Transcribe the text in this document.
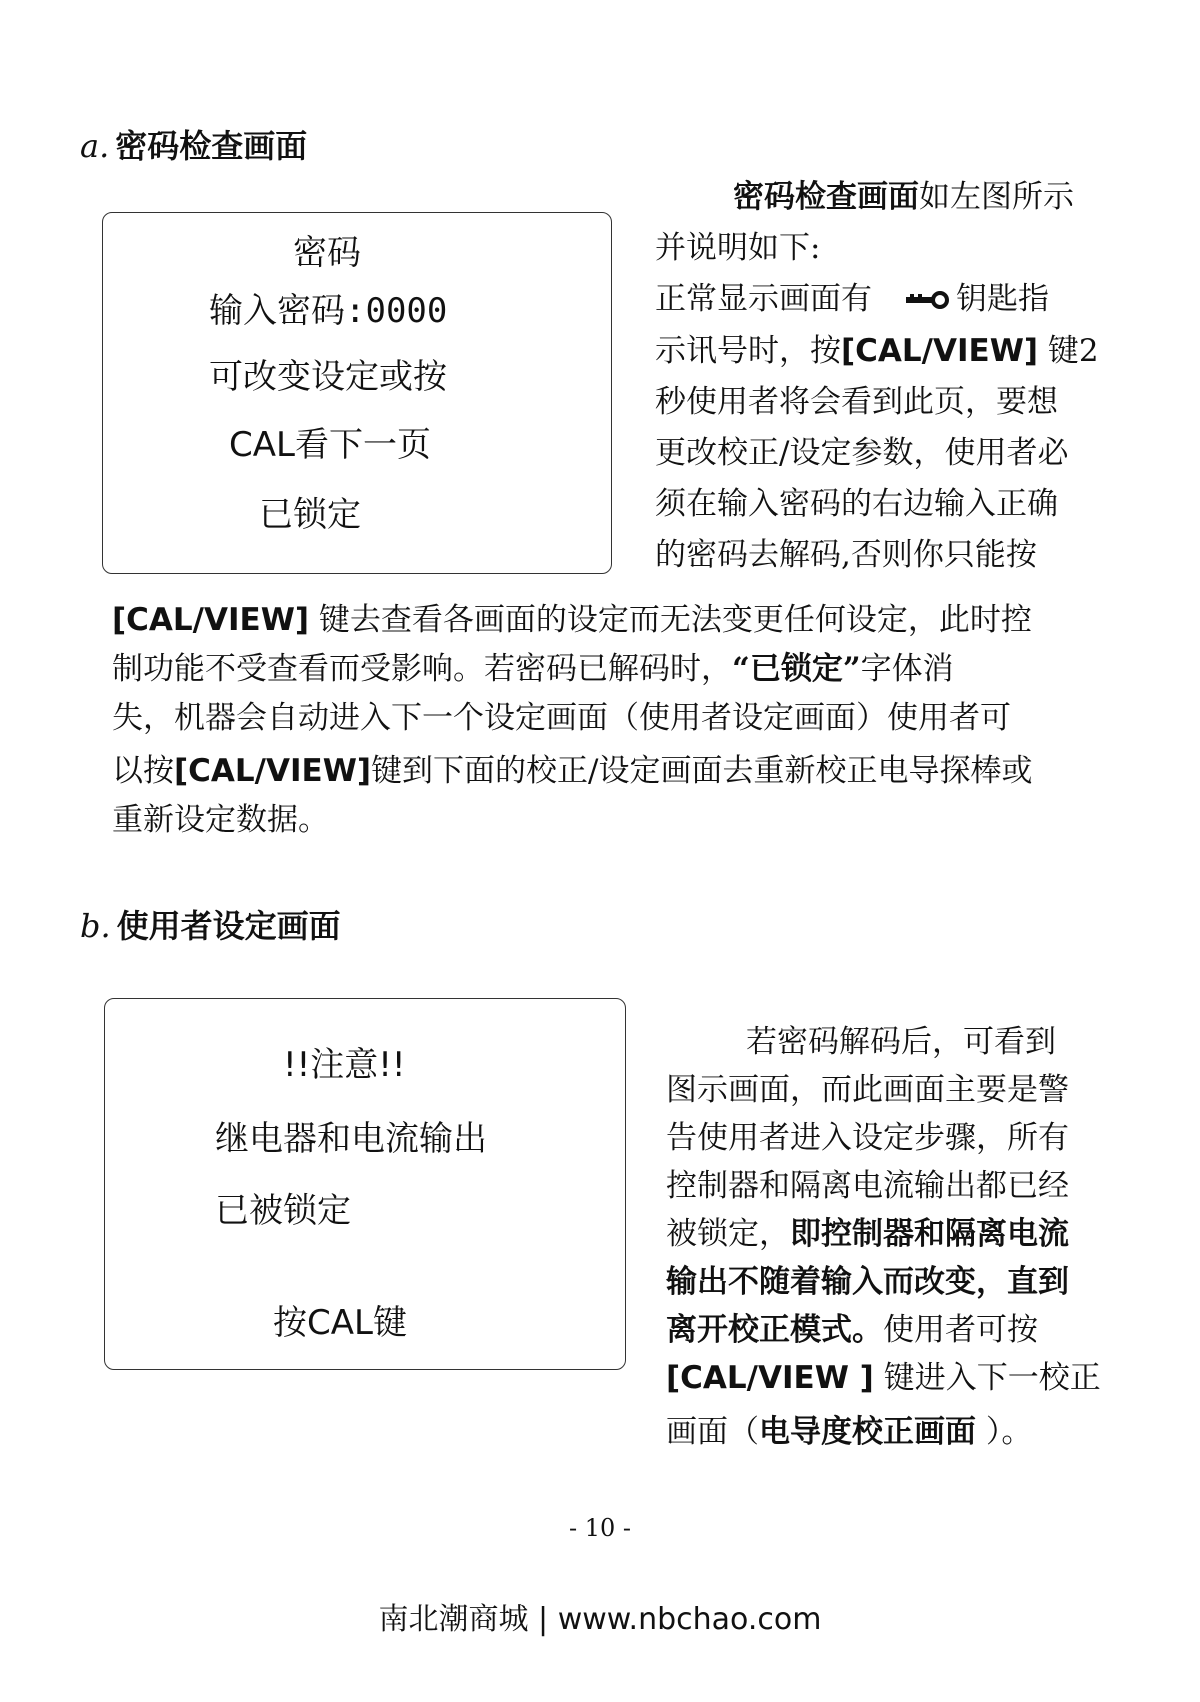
a. 密码检查画面
密码
输入密码:0000
可改变设定或按
CAL看下一页
已锁定
密码检查画面如左图所示
并说明如下:
正常显示画面有	钥匙指
示讯号时，按[CAL/VIEW] 键2
秒使用者将会看到此页，要想
更改校正/设定参数，使用者必
须在输入密码的右边输入正确
的密码去解码,否则你只能按
[CAL/VIEW] 键去查看各画面的设定而无法变更任何设定，此时控
制功能不受查看而受影响。若密码已解码时，“已锁定”字体消
失，机器会自动进入下一个设定画面（使用者设定画面）使用者可
以按[CAL/VIEW]键到下面的校正/设定画面去重新校正电导探棒或
重新设定数据。
b. 使用者设定画面
!!注意!!
继电器和电流输出
已被锁定
按CAL键
若密码解码后，可看到
图示画面，而此画面主要是警
告使用者进入设定步骤，所有
控制器和隔离电流输出都已经
被锁定，即控制器和隔离电流
输出不随着输入而改变，直到
离开校正模式。使用者可按
[CAL/VIEW ] 键进入下一校正
画面（电导度校正画面 ）。
- 10 -
南北潮商城 | www.nbchao.com
